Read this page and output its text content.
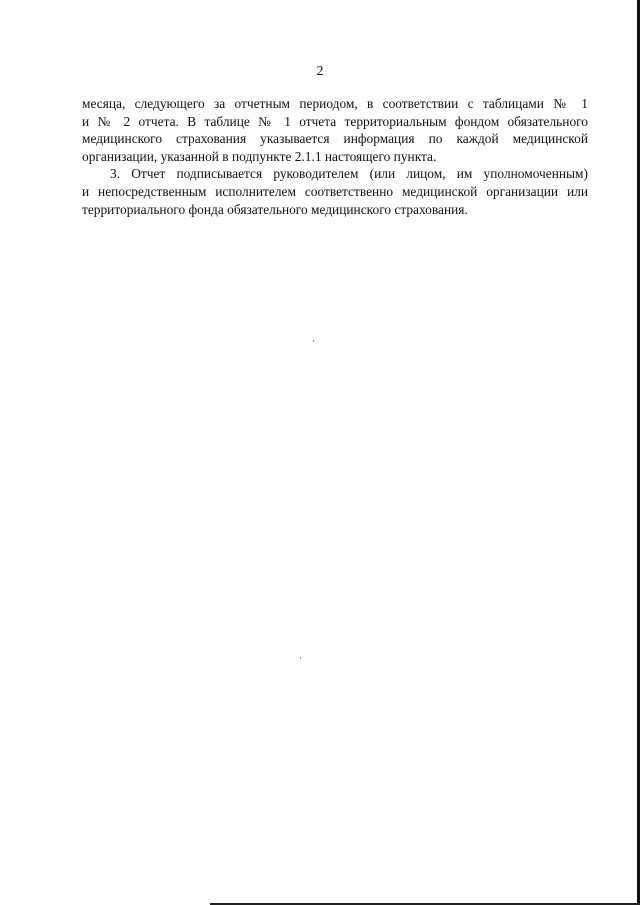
2
месяца, следующего за отчетным периодом, в соответствии с таблицами № 1
и № 2 отчета. В таблице № 1 отчета территориальным фондом обязательного
медицинского страхования указывается информация по каждой медицинской
организации, указанной в подпункте 2.1.1 настоящего пункта.
3. Отчет подписывается руководителем (или лицом, им уполномоченным)
и непосредственным исполнителем соответственно медицинской организации или
территориального фонда обязательного медицинского страхования.
